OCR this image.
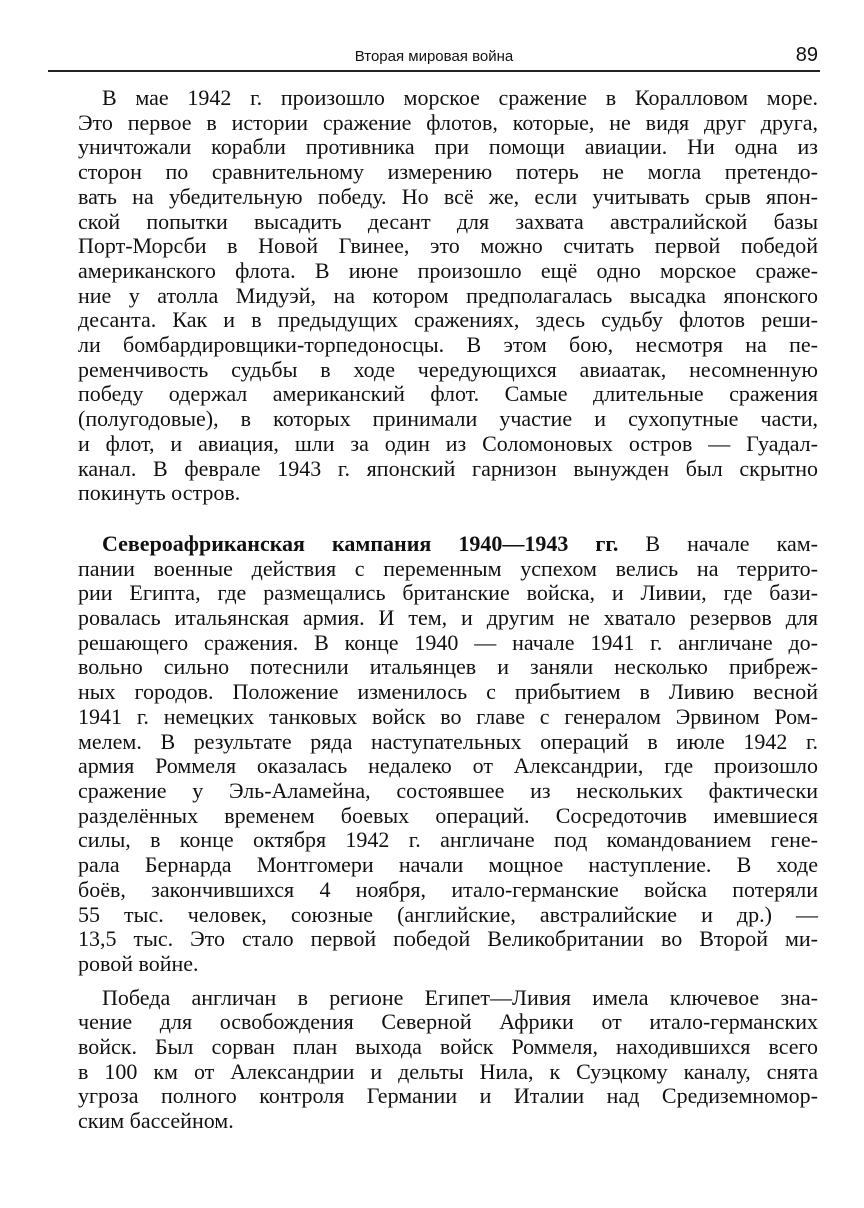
Вторая мировая война	89
В мае 1942 г. произошло морское сражение в Коралловом море.
Это первое в истории сражение флотов, которые, не видя друг друга,
уничтожали корабли противника при помощи авиации. Ни одна из
сторон по сравнительному измерению потерь не могла претендо-
вать на убедительную победу. Но всё же, если учитывать срыв япон-
ской попытки высадить десант для захвата австралийской базы
Порт-Морсби в Новой Гвинее, это можно считать первой победой
американского флота. В июне произошло ещё одно морское сраже-
ние у атолла Мидуэй, на котором предполагалась высадка японского
десанта. Как и в предыдущих сражениях, здесь судьбу флотов реши-
ли бомбардировщики-торпедоносцы. В этом бою, несмотря на пе-
ременчивость судьбы в ходе чередующихся авиаатак, несомненную
победу одержал американский флот. Самые длительные сражения
(полугодовые), в которых принимали участие и сухопутные части,
и флот, и авиация, шли за один из Соломоновых остров — Гуадал-
канал. В феврале 1943 г. японский гарнизон вынужден был скрытно
покинуть остров.
Североафриканская кампания 1940—1943 гг. В начале кам-
пании военные действия с переменным успехом велись на террито-
рии Египта, где размещались британские войска, и Ливии, где бази-
ровалась итальянская армия. И тем, и другим не хватало резервов для
решающего сражения. В конце 1940 — начале 1941 г. англичане до-
вольно сильно потеснили итальянцев и заняли несколько прибреж-
ных городов. Положение изменилось с прибытием в Ливию весной
1941 г. немецких танковых войск во главе с генералом Эрвином Ром-
мелем. В результате ряда наступательных операций в июле 1942 г.
армия Роммеля оказалась недалеко от Александрии, где произошло
сражение у Эль-Аламейна, состоявшее из нескольких фактически
разделённых временем боевых операций. Сосредоточив имевшиеся
силы, в конце октября 1942 г. англичане под командованием гене-
рала Бернарда Монтгомери начали мощное наступление. В ходе
боёв, закончившихся 4 ноября, итало-германские войска потеряли
55 тыс. человек, союзные (английские, австралийские и др.) —
13,5 тыс. Это стало первой победой Великобритании во Второй ми-
ровой войне.
Победа англичан в регионе Египет—Ливия имела ключевое зна-
чение для освобождения Северной Африки от итало-германских
войск. Был сорван план выхода войск Роммеля, находившихся всего
в 100 км от Александрии и дельты Нила, к Суэцкому каналу, снята
угроза полного контроля Германии и Италии над Средиземномор-
ским бассейном.
